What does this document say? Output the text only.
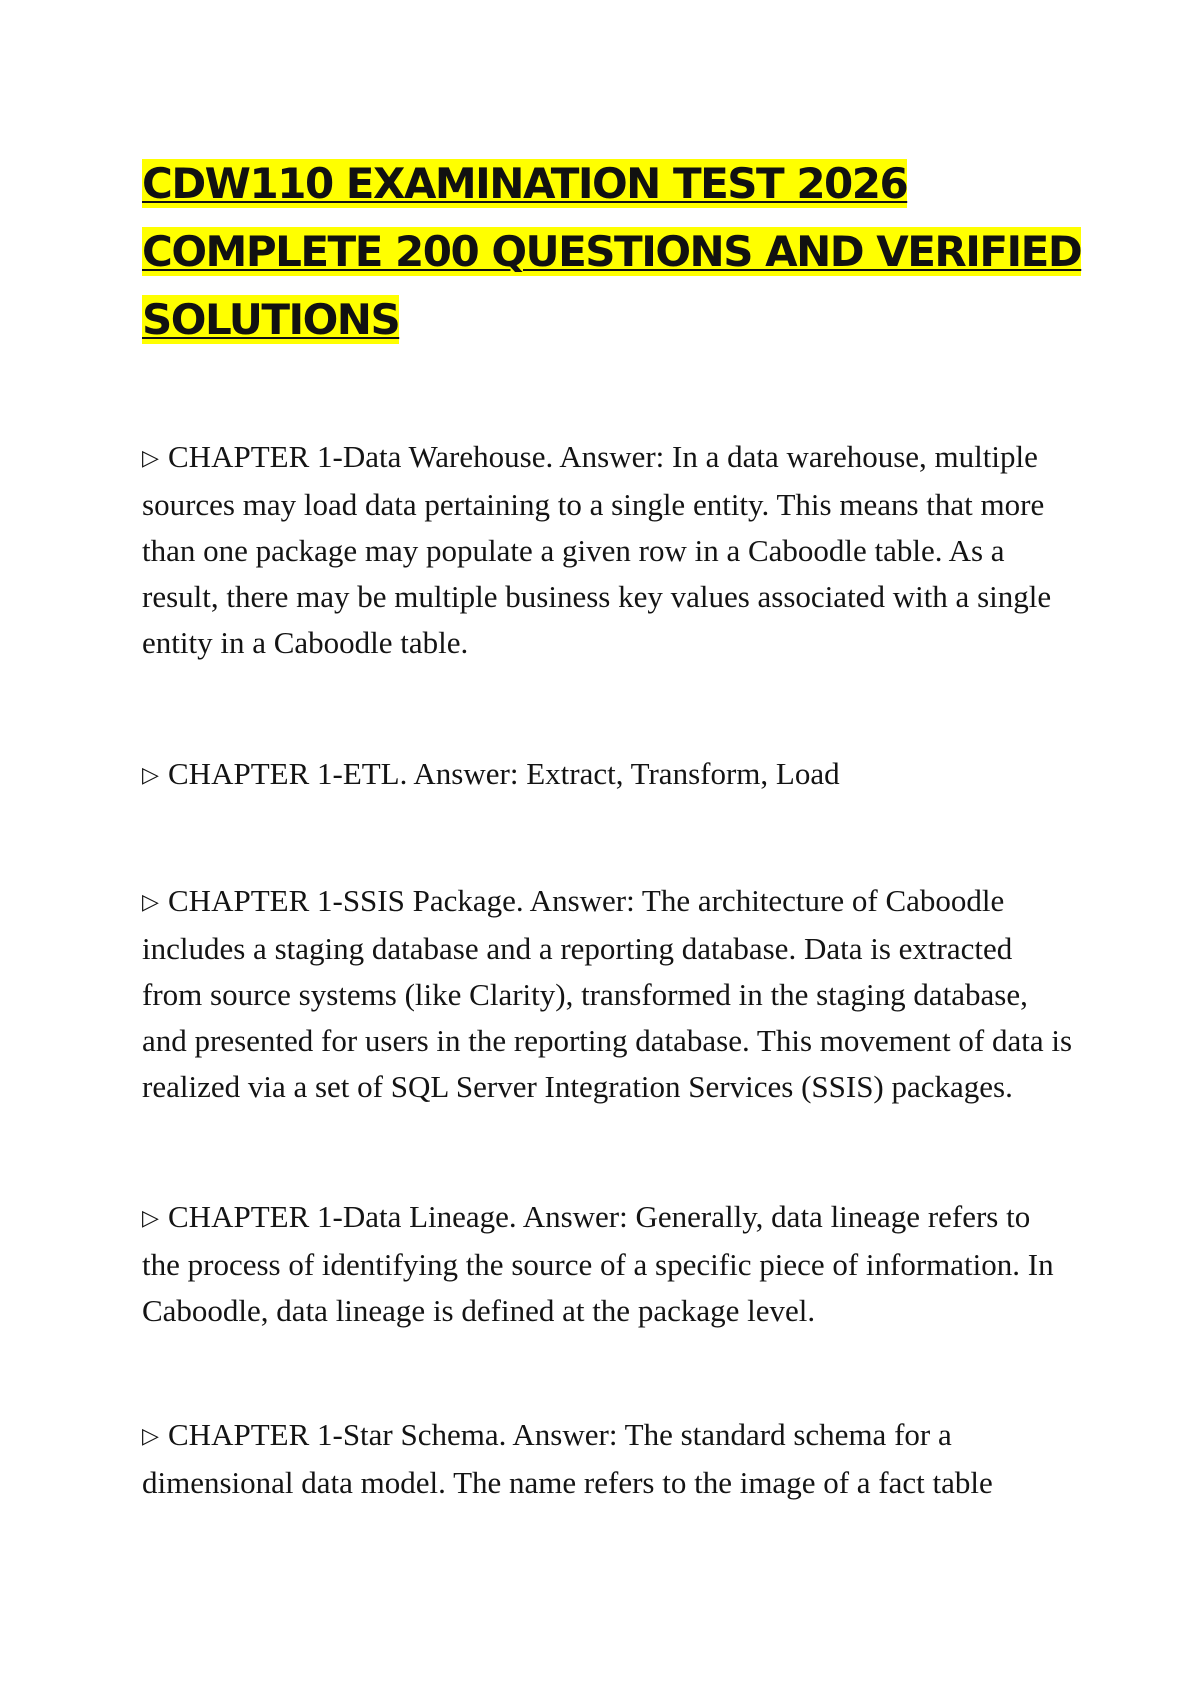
CDW110 EXAMINATION TEST 2026
COMPLETE 200 QUESTIONS AND VERIFIED
SOLUTIONS

▷ CHAPTER 1-Data Warehouse. Answer: In a data warehouse, multiple sources may load data pertaining to a single entity. This means that more than one package may populate a given row in a Caboodle table. As a result, there may be multiple business key values associated with a single entity in a Caboodle table.

▷ CHAPTER 1-ETL. Answer: Extract, Transform, Load

▷ CHAPTER 1-SSIS Package. Answer: The architecture of Caboodle includes a staging database and a reporting database. Data is extracted from source systems (like Clarity), transformed in the staging database, and presented for users in the reporting database. This movement of data is realized via a set of SQL Server Integration Services (SSIS) packages.

▷ CHAPTER 1-Data Lineage. Answer: Generally, data lineage refers to the process of identifying the source of a specific piece of information. In Caboodle, data lineage is defined at the package level.

▷ CHAPTER 1-Star Schema. Answer: The standard schema for a dimensional data model. The name refers to the image of a fact table
